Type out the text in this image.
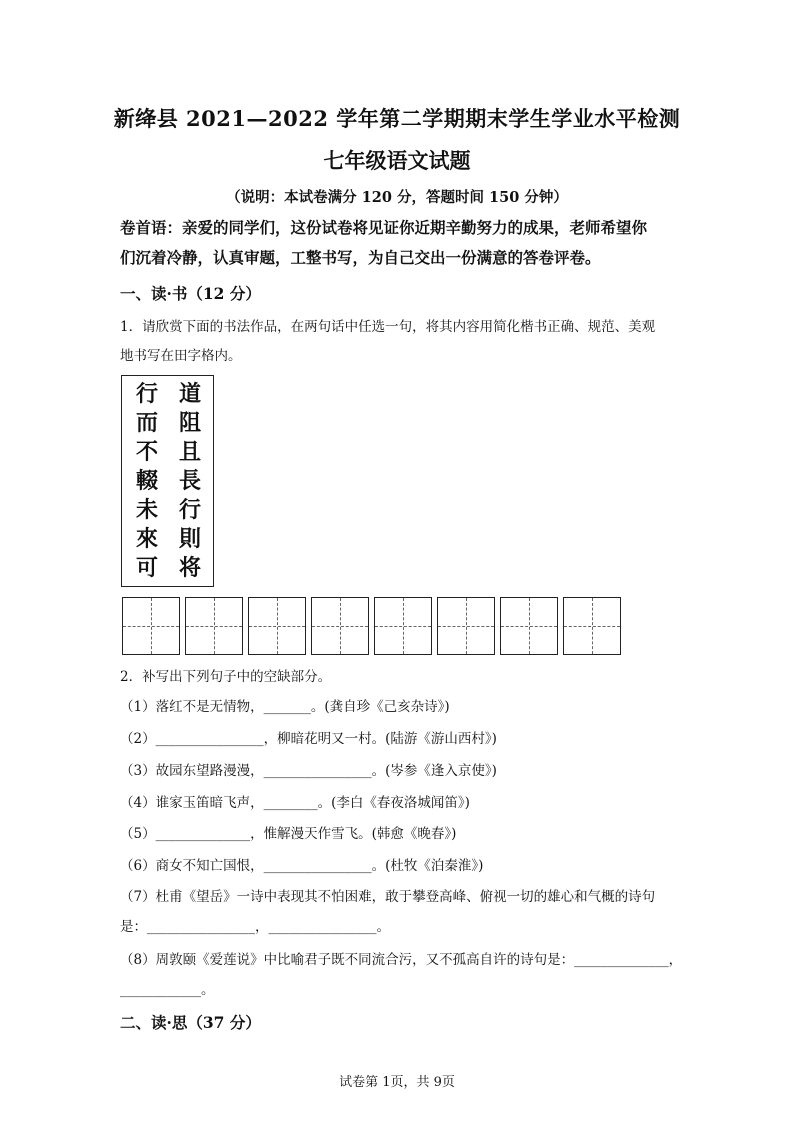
新绛县 2021—2022 学年第二学期期末学生学业水平检测
七年级语文试题
（说明：本试卷满分 120 分，答题时间 150 分钟）
卷首语：亲爱的同学们，这份试卷将见证你近期辛勤努力的成果，老师希望你
们沉着冷静，认真审题，工整书写，为自己交出一份满意的答卷评卷。
一、读·书（12 分）
1．请欣赏下面的书法作品，在两句话中任选一句，将其内容用简化楷书正确、规范、美观
地书写在田字格内。
行
而
不
輟
未
來
可
道
阻
且
長
行
則
将
2．补写出下列句子中的空缺部分。
（1）落红不是无情物，_______。(龚自珍《己亥杂诗》)
（2）________________，柳暗花明又一村。(陆游《游山西村》)
（3）故园东望路漫漫，________________。(岑参《逢入京使》)
（4）谁家玉笛暗飞声，________。(李白《春夜洛城闻笛》)
（5）______________，惟解漫天作雪飞。(韩愈《晚春》)
（6）商女不知亡国恨，________________。(杜牧《泊秦淮》)
（7）杜甫《望岳》一诗中表现其不怕困难，敢于攀登高峰、俯视一切的雄心和气概的诗句
是：________________，________________。
（8）周敦颐《爱莲说》中比喻君子既不同流合污，又不孤高自许的诗句是：______________，
____________。
二、读·思（37 分）
试卷第 1页，共 9页
